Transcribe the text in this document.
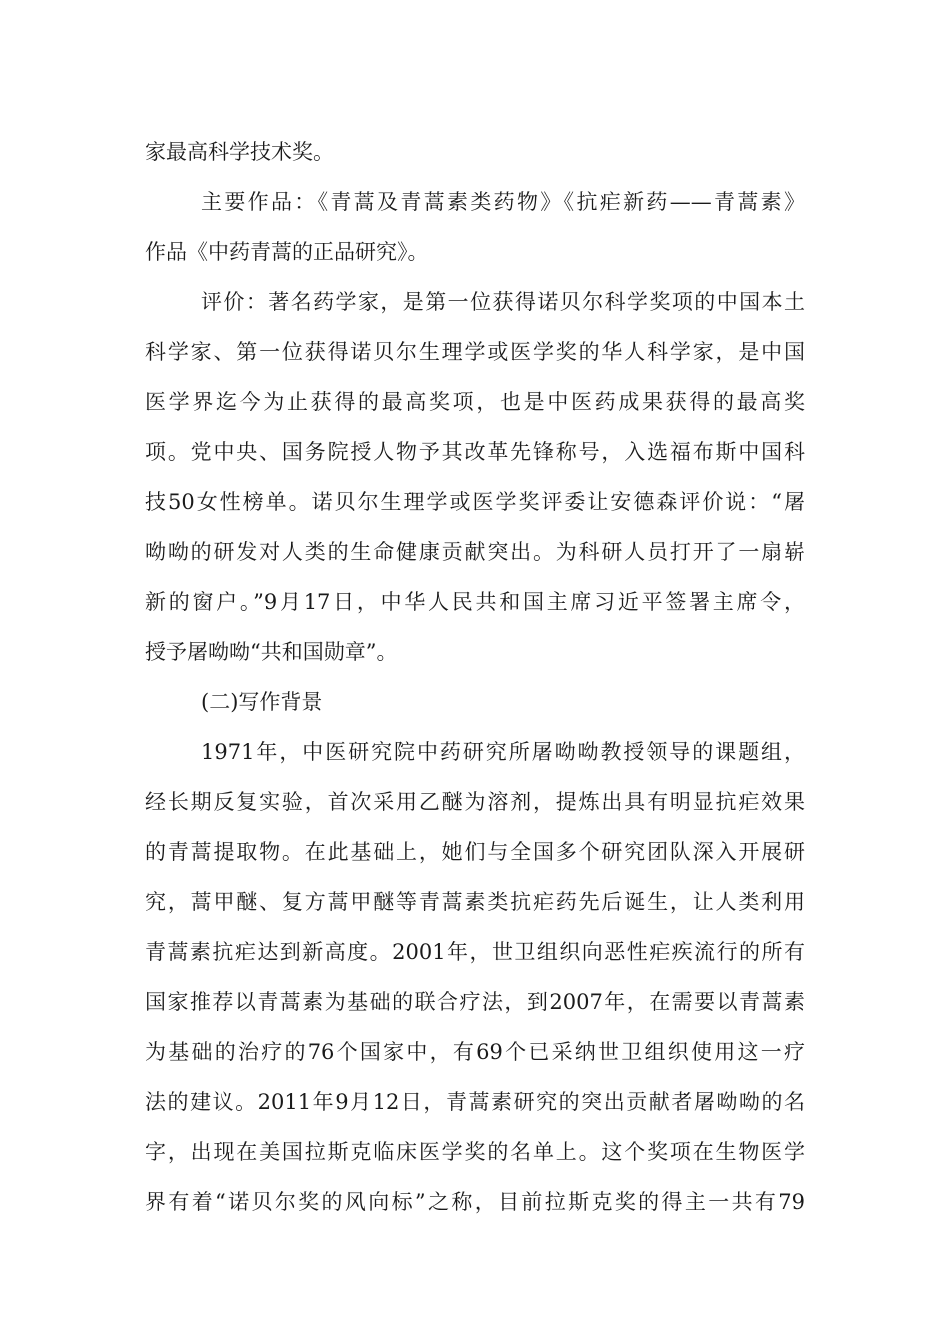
家最高科学技术奖。
主要作品：《青蒿及青蒿素类药物》《抗疟新药——青蒿素》
作品《中药青蒿的正品研究》。
评价：著名药学家，是第一位获得诺贝尔科学奖项的中国本土
科学家、第一位获得诺贝尔生理学或医学奖的华人科学家，是中国
医学界迄今为止获得的最高奖项，也是中医药成果获得的最高奖
项。党中央、国务院授人物予其改革先锋称号，入选福布斯中国科
技50女性榜单。诺贝尔生理学或医学奖评委让安德森评价说：“屠
呦呦的研发对人类的生命健康贡献突出。为科研人员打开了一扇崭
新的窗户。”9月17日，中华人民共和国主席习近平签署主席令，
授予屠呦呦“共和国勋章”。
(二)写作背景
1971年，中医研究院中药研究所屠呦呦教授领导的课题组，
经长期反复实验，首次采用乙醚为溶剂，提炼出具有明显抗疟效果
的青蒿提取物。在此基础上，她们与全国多个研究团队深入开展研
究，蒿甲醚、复方蒿甲醚等青蒿素类抗疟药先后诞生，让人类利用
青蒿素抗疟达到新高度。2001年，世卫组织向恶性疟疾流行的所有
国家推荐以青蒿素为基础的联合疗法，到2007年，在需要以青蒿素
为基础的治疗的76个国家中，有69个已采纳世卫组织使用这一疗
法的建议。2011年9月12日，青蒿素研究的突出贡献者屠呦呦的名
字，出现在美国拉斯克临床医学奖的名单上。这个奖项在生物医学
界有着“诺贝尔奖的风向标”之称，目前拉斯克奖的得主一共有79
